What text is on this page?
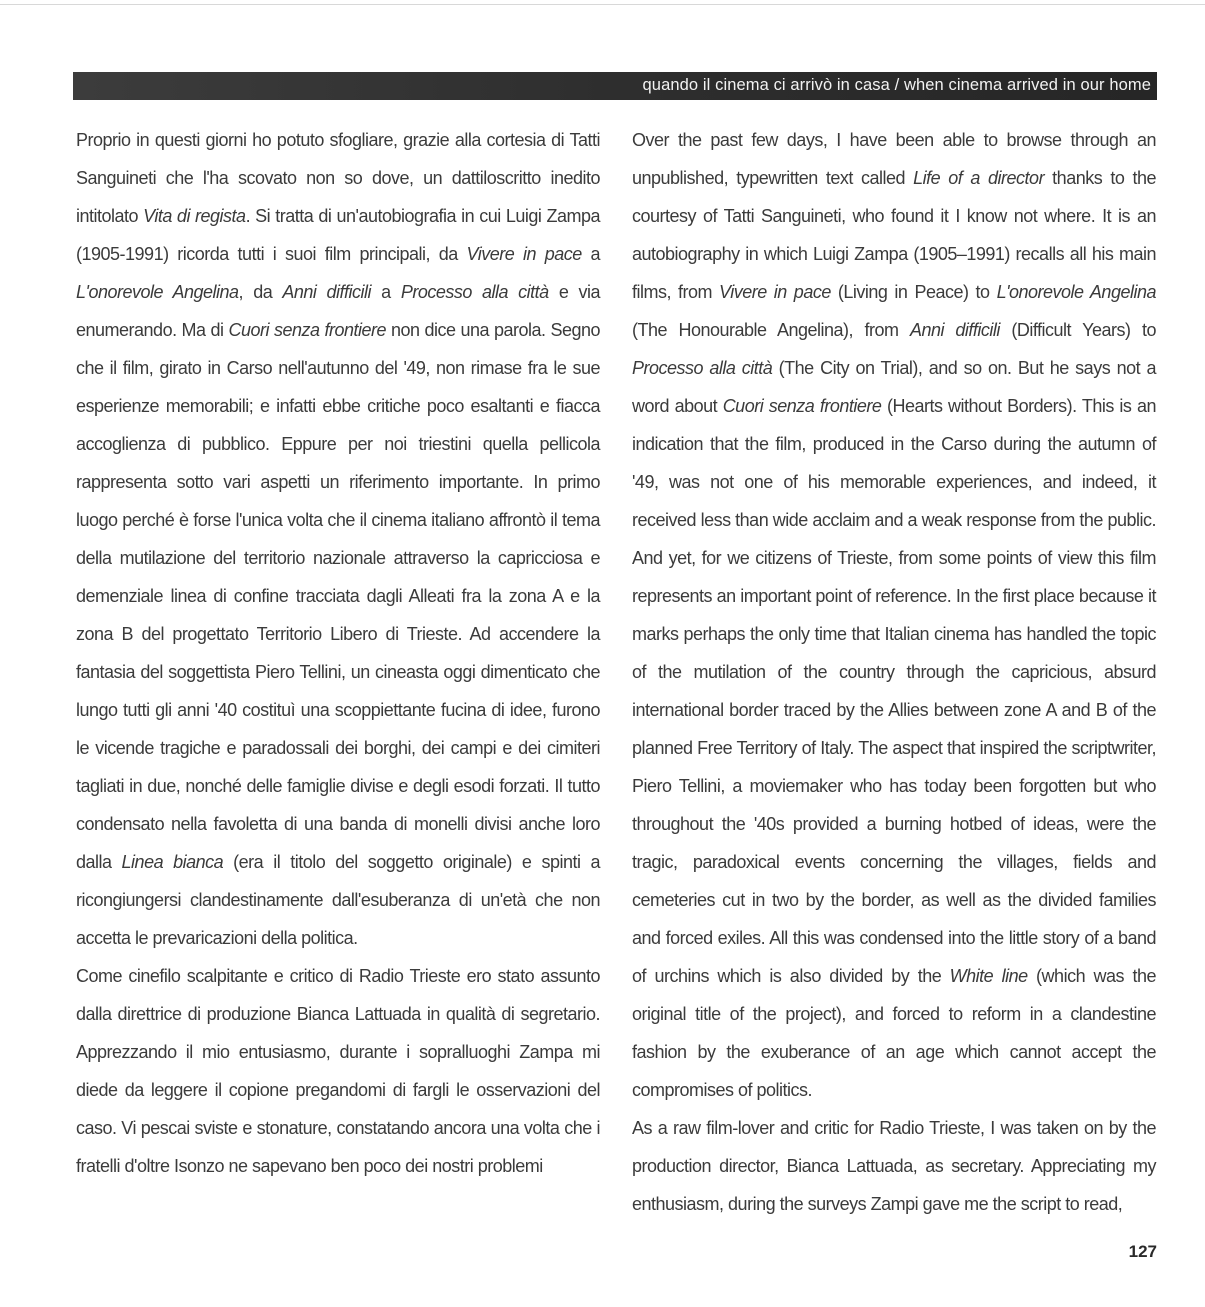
quando il cinema ci arrivò in casa / when cinema arrived in our home

Proprio in questi giorni ho potuto sfogliare, grazie alla cortesia di Tatti Sanguineti che l'ha scovato non so dove, un dattiloscritto inedito intitolato Vita di regista. Si tratta di un'autobiografia in cui Luigi Zampa (1905-1991) ricorda tutti i suoi film principali, da Vivere in pace a L'onorevole Angelina, da Anni difficili a Processo alla città e via enumerando. Ma di Cuori senza frontiere non dice una parola. Segno che il film, girato in Carso nell'autunno del '49, non rimase fra le sue esperienze memorabili; e infatti ebbe critiche poco esaltanti e fiacca accoglienza di pubblico. Eppure per noi triestini quella pellicola rappresenta sotto vari aspetti un riferimento importante. In primo luogo perché è forse l'unica volta che il cinema italiano affrontò il tema della mutilazione del territorio nazionale attraverso la capricciosa e demenziale linea di confine tracciata dagli Alleati fra la zona A e la zona B del progettato Territorio Libero di Trieste. Ad accendere la fantasia del soggettista Piero Tellini, un cineasta oggi dimenticato che lungo tutti gli anni '40 costituì una scoppiettante fucina di idee, furono le vicende tragiche e paradossali dei borghi, dei campi e dei cimiteri tagliati in due, nonché delle famiglie divise e degli esodi forzati. Il tutto condensato nella favoletta di una banda di monelli divisi anche loro dalla Linea bianca (era il titolo del soggetto originale) e spinti a ricongiungersi clandestinamente dall'esuberanza di un'età che non accetta le prevaricazioni della politica.

Come cinefilo scalpitante e critico di Radio Trieste ero stato assunto dalla direttrice di produzione Bianca Lattuada in qualità di segretario. Apprezzando il mio entusiasmo, durante i sopralluoghi Zampa mi diede da leggere il copione pregandomi di fargli le osservazioni del caso. Vi pescai sviste e stonature, constatando ancora una volta che i fratelli d'oltre Isonzo ne sapevano ben poco dei nostri problemi

Over the past few days, I have been able to browse through an unpublished, typewritten text called Life of a director thanks to the courtesy of Tatti Sanguineti, who found it I know not where. It is an autobiography in which Luigi Zampa (1905–1991) recalls all his main films, from Vivere in pace (Living in Peace) to L'onorevole Angelina (The Honourable Angelina), from Anni difficili (Difficult Years) to Processo alla città (The City on Trial), and so on. But he says not a word about Cuori senza frontiere (Hearts without Borders). This is an indication that the film, produced in the Carso during the autumn of '49, was not one of his memorable experiences, and indeed, it received less than wide acclaim and a weak response from the public. And yet, for we citizens of Trieste, from some points of view this film represents an important point of reference. In the first place because it marks perhaps the only time that Italian cinema has handled the topic of the mutilation of the country through the capricious, absurd international border traced by the Allies between zone A and B of the planned Free Territory of Italy. The aspect that inspired the scriptwriter, Piero Tellini, a moviemaker who has today been forgotten but who throughout the '40s provided a burning hotbed of ideas, were the tragic, paradoxical events concerning the villages, fields and cemeteries cut in two by the border, as well as the divided families and forced exiles. All this was condensed into the little story of a band of urchins which is also divided by the White line (which was the original title of the project), and forced to reform in a clandestine fashion by the exuberance of an age which cannot accept the compromises of politics.

As a raw film-lover and critic for Radio Trieste, I was taken on by the production director, Bianca Lattuada, as secretary. Appreciating my enthusiasm, during the surveys Zampi gave me the script to read,

127
